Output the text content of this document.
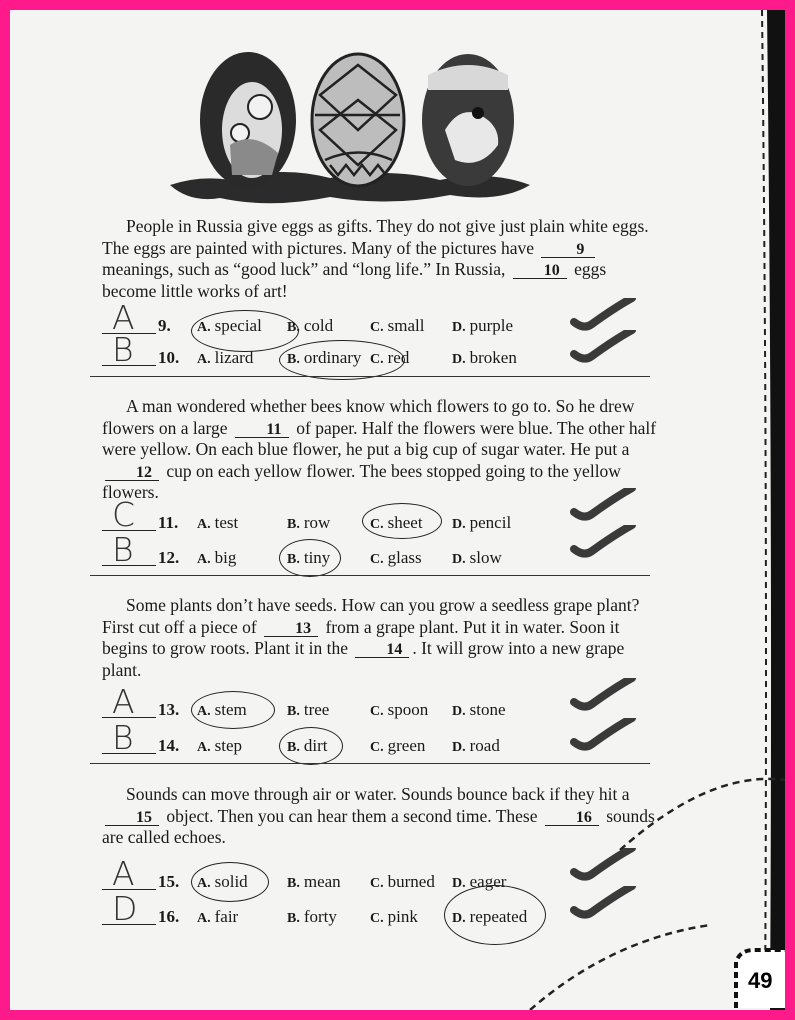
People in Russia give eggs as gifts. They do not give just plain white eggs. The eggs are painted with pictures. Many of the pictures have 9 meanings, such as “good luck” and “long life.” In Russia, 10 eggs become little works of art!

A 9. A. special B. cold	C. small D. purple
B 10. A. lizard B. ordinary C. red	D. broken

A man wondered whether bees know which flowers to go to. So he drew flowers on a large 11 of paper. Half the flowers were blue. The other half were yellow. On each blue flower, he put a big cup of sugar water. He put a 12 cup on each yellow flower. The bees stopped going to the yellow flowers.

C 11. A. test	B. row	C. sheet D. pencil
B 12. A. big	B. tiny	C. glass D. slow

Some plants don’t have seeds. How can you grow a seedless grape plant? First cut off a piece of 13 from a grape plant. Put it in water. Soon it begins to grow roots. Plant it in the 14 . It will grow into a new grape plant.

A 13. A. stem	B. tree	C. spoon D. stone
B 14. A. step	B. dirt	C. green D. road

Sounds can move through air or water. Sounds bounce back if they hit a 15 object. Then you can hear them a second time. These 16 sounds are called echoes.

A 15. A. solid	B. mean C. burned D. eager
D 16. A. fair	B. forty C. pink D. repeated
49
